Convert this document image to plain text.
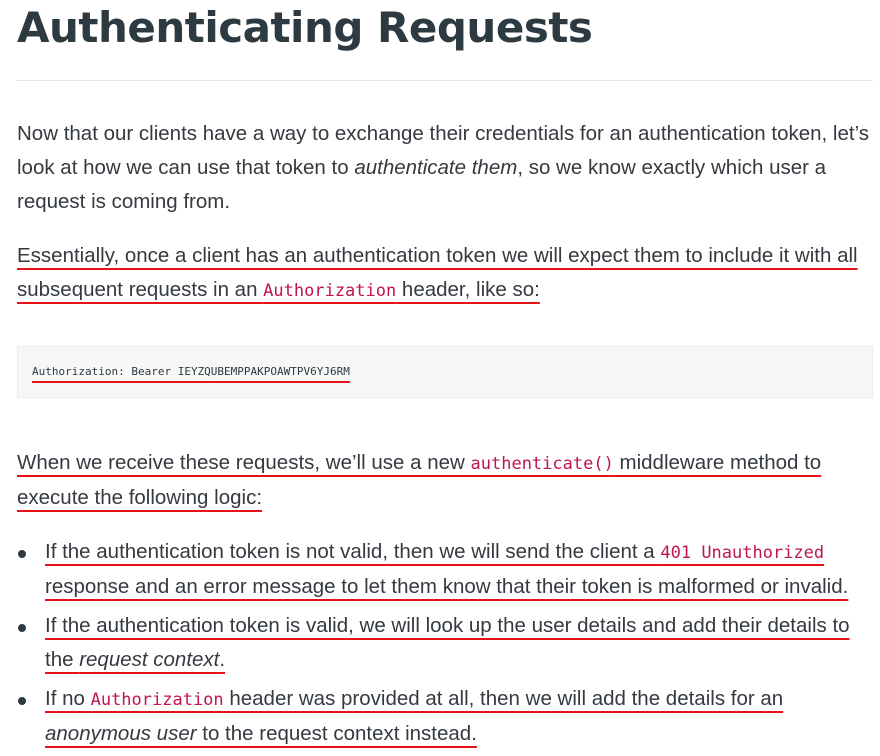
Authenticating Requests

Now that our clients have a way to exchange their credentials for an authentication token, let’s look at how we can use that token to authenticate them, so we know exactly which user a request is coming from.

Essentially, once a client has an authentication token we will expect them to include it with all subsequent requests in an Authorization header, like so:

Authorization: Bearer IEYZQUBEMPPAKPOAWTPV6YJ6RM

When we receive these requests, we’ll use a new authenticate() middleware method to execute the following logic:

If the authentication token is not valid, then we will send the client a 401 Unauthorized response and an error message to let them know that their token is malformed or invalid.
If the authentication token is valid, we will look up the user details and add their details to the request context.
If no Authorization header was provided at all, then we will add the details for an anonymous user to the request context instead.
